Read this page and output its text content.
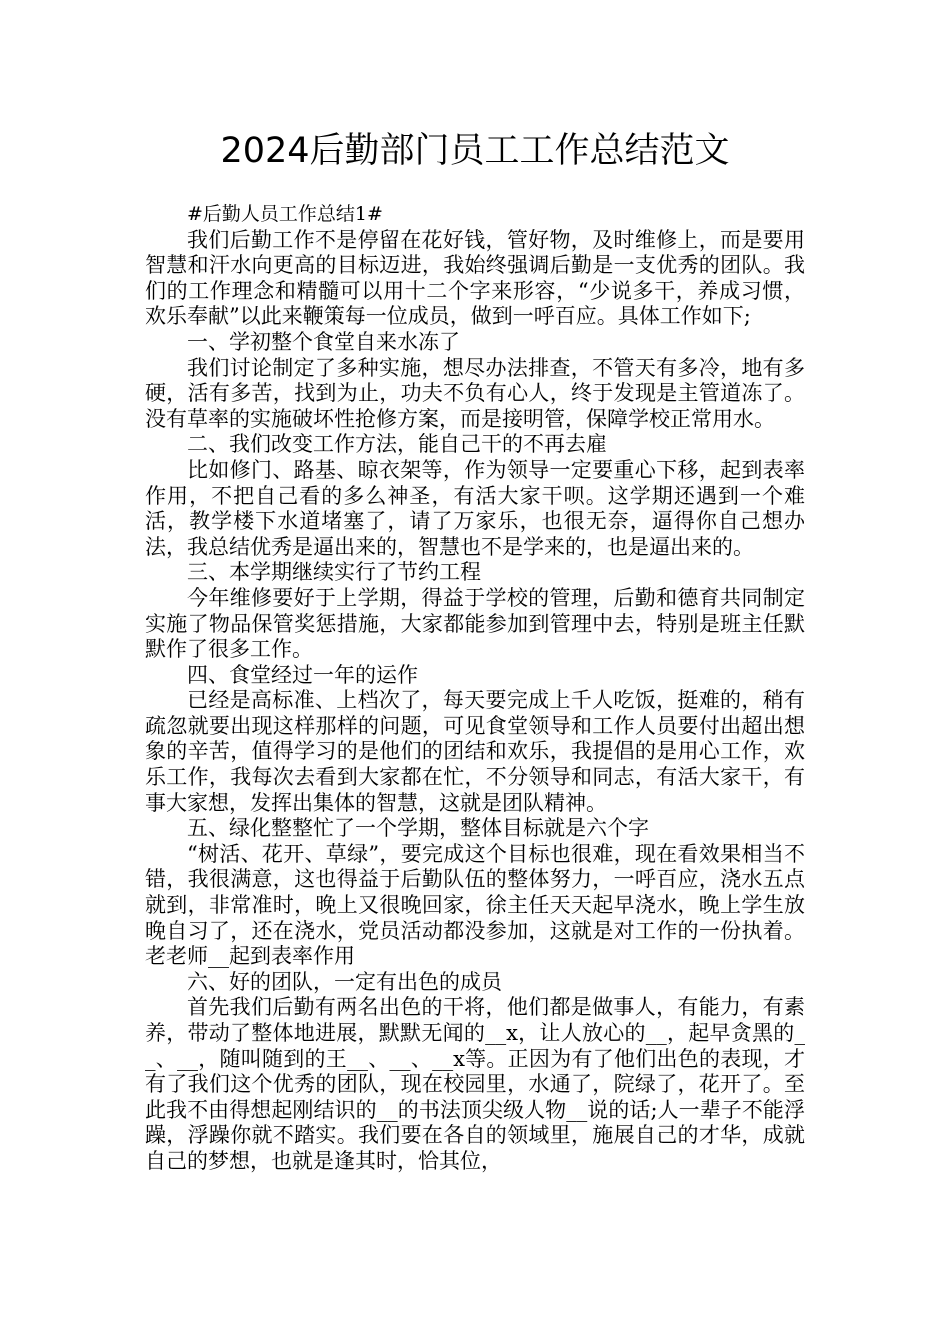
2024后勤部门员工工作总结范文

#后勤人员工作总结1#

我们后勤工作不是停留在花好钱，管好物，及时维修上，而是要用智慧和汗水向更高的目标迈进，我始终强调后勤是一支优秀的团队。我们的工作理念和精髓可以用十二个字来形容，“少说多干，养成习惯，欢乐奉献”以此来鞭策每一位成员，做到一呼百应。具体工作如下;

一、学初整个食堂自来水冻了

我们讨论制定了多种实施，想尽办法排查，不管天有多冷，地有多硬，活有多苦，找到为止，功夫不负有心人，终于发现是主管道冻了。没有草率的实施破坏性抢修方案，而是接明管，保障学校正常用水。

二、我们改变工作方法，能自己干的不再去雇

比如修门、路基、晾衣架等，作为领导一定要重心下移，起到表率作用，不把自己看的多么神圣，有活大家干呗。这学期还遇到一个难活，教学楼下水道堵塞了，请了万家乐，也很无奈，逼得你自己想办法，我总结优秀是逼出来的，智慧也不是学来的，也是逼出来的。

三、本学期继续实行了节约工程

今年维修要好于上学期，得益于学校的管理，后勤和德育共同制定实施了物品保管奖惩措施，大家都能参加到管理中去，特别是班主任默默作了很多工作。

四、食堂经过一年的运作

已经是高标准、上档次了，每天要完成上千人吃饭，挺难的，稍有疏忽就要出现这样那样的问题，可见食堂领导和工作人员要付出超出想象的辛苦，值得学习的是他们的团结和欢乐，我提倡的是用心工作，欢乐工作，我每次去看到大家都在忙，不分领导和同志，有活大家干，有事大家想，发挥出集体的智慧，这就是团队精神。

五、绿化整整忙了一个学期，整体目标就是六个字

“树活、花开、草绿”，要完成这个目标也很难，现在看效果相当不错，我很满意，这也得益于后勤队伍的整体努力，一呼百应，浇水五点就到，非常准时，晚上又很晚回家，徐主任天天起早浇水，晚上学生放晚自习了，还在浇水，党员活动都没参加，这就是对工作的一份执着。老老师__起到表率作用

六、好的团队，一定有出色的成员

首先我们后勤有两名出色的干将，他们都是做事人，有能力，有素养，带动了整体地进展，默默无闻的__x，让人放心的__，起早贪黑的__、__，随叫随到的王__、__、__x等。正因为有了他们出色的表现，才有了我们这个优秀的团队，现在校园里，水通了，院绿了，花开了。至此我不由得想起刚结识的__的书法顶尖级人物__说的话;人一辈子不能浮躁，浮躁你就不踏实。我们要在各自的领域里，施展自己的才华，成就自己的梦想，也就是逢其时，恰其位，
